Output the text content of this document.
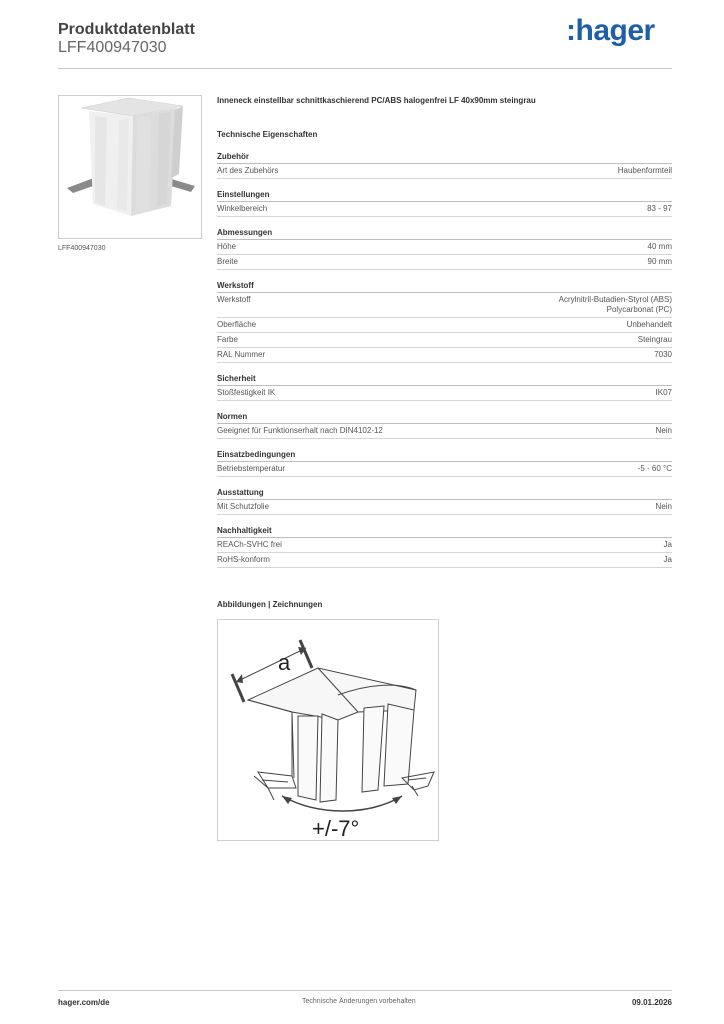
Produktdatenblatt
LFF400947030
:hager
LFF400947030
Inneneck einstellbar schnittkaschierend PC/ABS halogenfrei LF 40x90mm steingrau
Technische Eigenschaften
Zubehör
Art des Zubehörs	Haubenformteil
Einstellungen
Winkelbereich	83 - 97
Abmessungen
Höhe	40 mm
Breite	90 mm
Werkstoff
Werkstoff	Acrylnitril-Butadien-Styrol (ABS)
Polycarbonat (PC)
Oberfläche	Unbehandelt
Farbe	Steingrau
RAL Nummer	7030
Sicherheit
Stoßfestigkeit IK	IK07
Normen
Geeignet für Funktionserhalt nach DIN4102-12	Nein
Einsatzbedingungen
Betriebstemperatur	-5 - 60 °C
Ausstattung
Mit Schutzfolie	Nein
Nachhaltigkeit
REACh-SVHC frei	Ja
RoHS-konform	Ja
Abbildungen | Zeichnungen
a
+/-7°
hager.com/de	Technische Änderungen vorbehalten	09.01.2026
